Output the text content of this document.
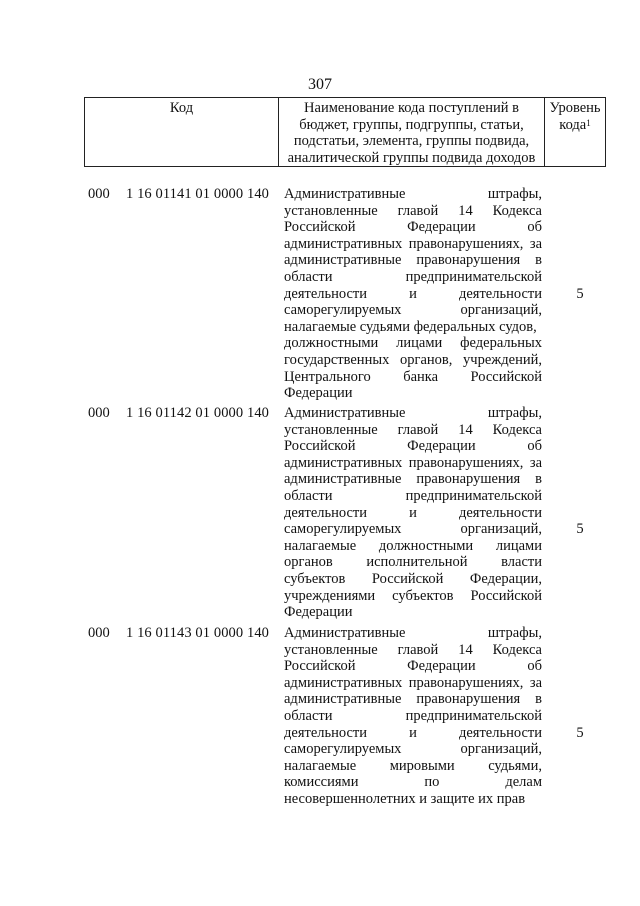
307
Код	Наименование кода поступлений в
бюджет, группы, подгруппы, статьи,
подстатьи, элемента, группы подвида,
аналитической группы подвида доходов
Уровень
кода$^1$
000 1 16 01141 01 0000 140 Административные штрафы,
установленные главой 14 Кодекса
Российской Федерации об
административных правонарушениях, за
административные правонарушения в
области предпринимательской
деятельности и деятельности
саморегулируемых организаций,
налагаемые судьями федеральных судов,
должностными лицами федеральных
государственных органов, учреждений,
Центрального банка Российской
Федерации
5
000 1 16 01142 01 0000 140 Административные штрафы,
установленные главой 14 Кодекса
Российской Федерации об
административных правонарушениях, за
административные правонарушения в
области предпринимательской
деятельности и деятельности
саморегулируемых организаций,
налагаемые должностными лицами
органов исполнительной власти
субъектов Российской Федерации,
учреждениями субъектов Российской
Федерации
5
000 1 16 01143 01 0000 140 Административные штрафы,
установленные главой 14 Кодекса
Российской Федерации об
административных правонарушениях, за
административные правонарушения в
области предпринимательской
деятельности и деятельности
саморегулируемых организаций,
налагаемые мировыми судьями,
комиссиями по делам
несовершеннолетних и защите их прав
5
